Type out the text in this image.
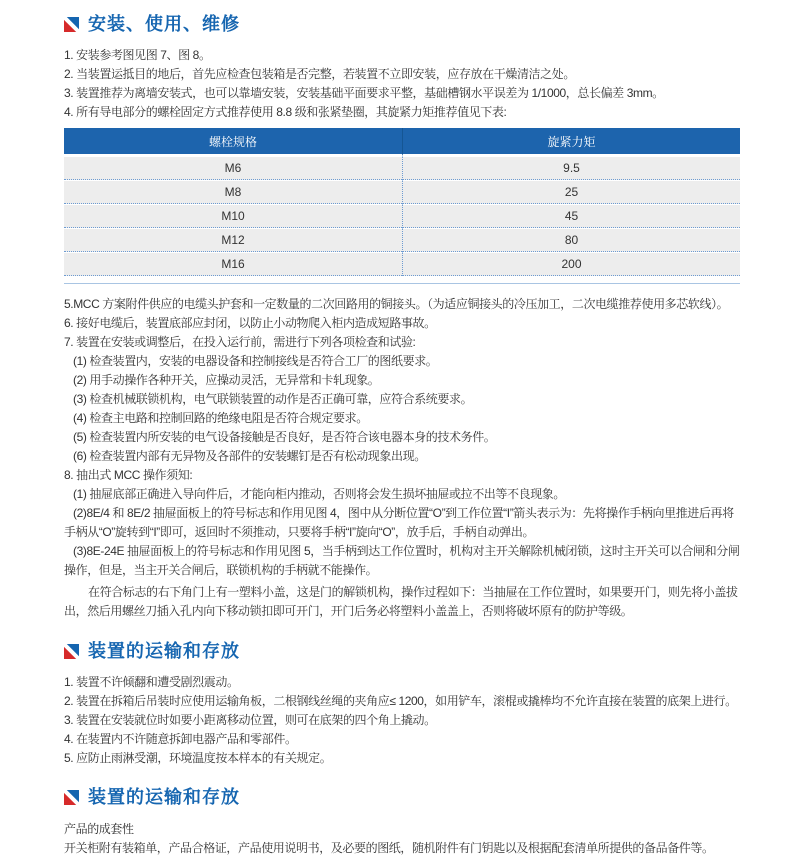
安装、使用、维修
1. 安装参考图见图 7、图 8。
2. 当装置运抵目的地后，首先应检查包装箱是否完整，若装置不立即安装，应存放在干燥清洁之处。
3. 装置推荐为离墙安装式，也可以靠墙安装，安装基础平面要求平整，基础槽钢水平误差为 1/1000，总长偏差 3mm。
4. 所有导电部分的螺栓固定方式推荐使用 8.8 级和张紧垫圈，其旋紧力矩推荐值见下表:
螺栓规格	旋紧力矩
M6	9.5
M8	25
M10	45
M12	80
M16	200
5.MCC 方案附件供应的电缆头护套和一定数量的二次回路用的铜接头。（为适应铜接头的冷压加工，二次电缆推荐使用多芯软线）。
6. 接好电缆后，装置底部应封闭，以防止小动物爬入柜内造成短路事故。
7. 装置在安装或调整后，在投入运行前，需进行下列各项检查和试验:
(1) 检查装置内，安装的电器设备和控制接线是否符合工厂的图纸要求。
(2) 用手动操作各种开关，应操动灵活，无异常和卡轧现象。
(3) 检查机械联锁机构，电气联锁装置的动作是否正确可靠，应符合系统要求。
(4) 检查主电路和控制回路的绝缘电阻是否符合规定要求。
(5) 检查装置内所安装的电气设备接触是否良好，是否符合该电器本身的技术务件。
(6) 检查装置内部有无异物及各部件的安装螺钉是否有松动现象出现。
8. 抽出式 MCC 操作须知:
(1) 抽屉底部正确进入导向件后，才能向柜内推动，否则将会发生损坏抽屉或拉不出等不良现象。
(2)8E/4 和 8E/2 抽屉面板上的符号标志和作用见图 4，图中从分断位置“O”到工作位置“I”箭头表示为：先将操作手柄向里推进后再将手柄从“O”旋转到“I”即可，返回时不须推动，只要将手柄“I”旋向“O”，放手后，手柄自动弹出。
(3)8E-24E 抽屉面板上的符号标志和作用见图 5，当手柄到达工作位置时，机构对主开关解除机械闭锁，这时主开关可以合闸和分闸操作，但是，当主开关合闸后，联锁机构的手柄就不能操作。
在符合标志的右下角门上有一塑料小盖，这是门的解锁机构，操作过程如下：当抽屉在工作位置时，如果要开门，则先将小盖拔出，然后用螺丝刀插入孔内向下移动锁扣即可开门，开门后务必将塑料小盖盖上，否则将破坏原有的防护等级。
装置的运输和存放
1. 装置不许倾翻和遭受剧烈震动。
2. 装置在拆箱后吊装时应使用运输角板，二根钢线丝绳的夹角应≤ 1200，如用铲车，滚棍或撬棒均不允许直接在装置的底架上进行。
3. 装置在安装就位时如要小距离移动位置，则可在底架的四个角上撬动。
4. 在装置内不许随意拆卸电器产品和零部件。
5. 应防止雨淋受潮，环境温度按本样本的有关规定。
装置的运输和存放
产品的成套性
开关柜附有装箱单，产品合格证，产品使用说明书，及必要的图纸，随机附件有门钥匙以及根据配套清单所提供的备品备件等。
